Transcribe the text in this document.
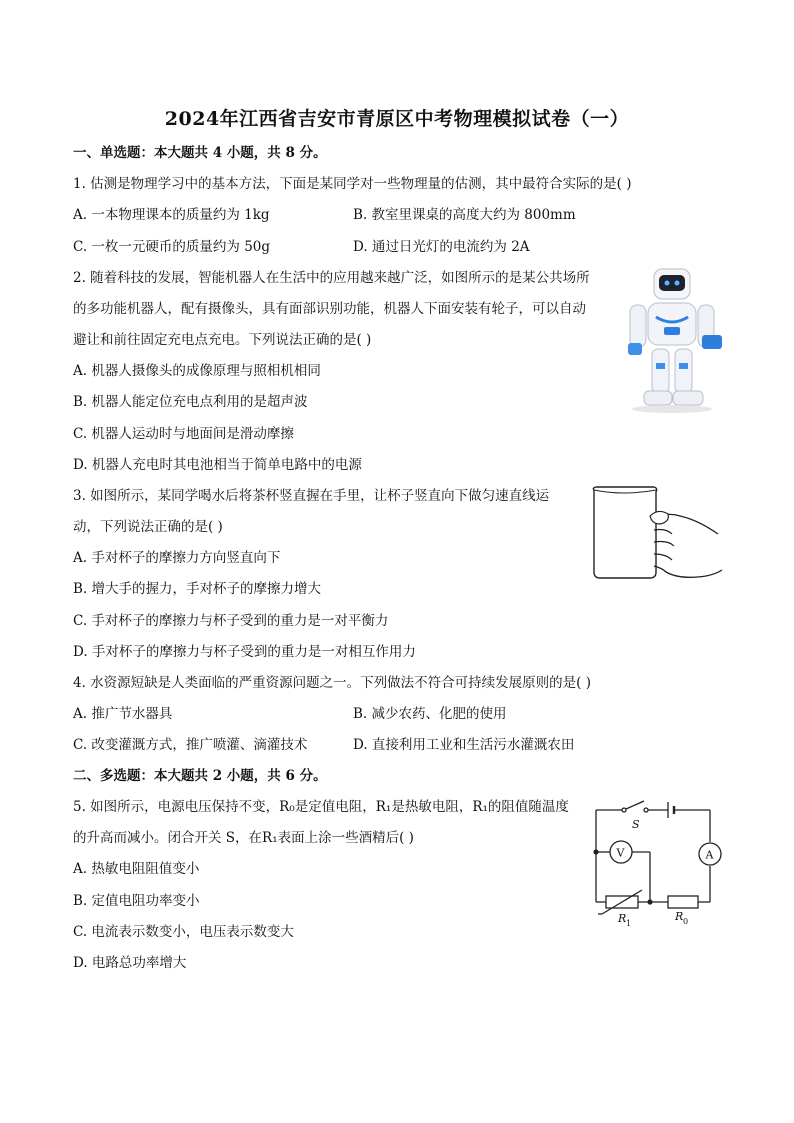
2024年江西省吉安市青原区中考物理模拟试卷（一）
一、单选题：本大题共 4 小题，共 8 分。
1. 估测是物理学习中的基本方法，下面是某同学对一些物理量的估测，其中最符合实际的是( )
A. 一本物理课本的质量约为 1kg	B. 教室里课桌的高度大约为 800mm
C. 一枚一元硬币的质量约为 50g	D. 通过日光灯的电流约为 2A
2. 随着科技的发展，智能机器人在生活中的应用越来越广泛，如图所示的是某公共场所
的多功能机器人，配有摄像头，具有面部识别功能，机器人下面安装有轮子，可以自动
避让和前往固定充电点充电。下列说法正确的是( )
A. 机器人摄像头的成像原理与照相机相同
B. 机器人能定位充电点利用的是超声波
C. 机器人运动时与地面间是滑动摩擦
D. 机器人充电时其电池相当于简单电路中的电源
3. 如图所示，某同学喝水后将茶杯竖直握在手里，让杯子竖直向下做匀速直线运
动，下列说法正确的是( )
A. 手对杯子的摩擦力方向竖直向下
B. 增大手的握力，手对杯子的摩擦力增大
C. 手对杯子的摩擦力与杯子受到的重力是一对平衡力
D. 手对杯子的摩擦力与杯子受到的重力是一对相互作用力
4. 水资源短缺是人类面临的严重资源问题之一。下列做法不符合可持续发展原则的是( )
A. 推广节水器具	B. 减少农药、化肥的使用
C. 改变灌溉方式，推广喷灌、滴灌技术	D. 直接利用工业和生活污水灌溉农田
二、多选题：本大题共 2 小题，共 6 分。
5. 如图所示，电源电压保持不变，R₀是定值电阻，R₁是热敏电阻，R₁的阻值随温度
的升高而减小。闭合开关 S，在R₁表面上涂一些酒精后( )
A. 热敏电阻阻值变小
B. 定值电阻功率变小
C. 电流表示数变小，电压表示数变大
D. 电路总功率增大
S
V	A
R 1
R 0
